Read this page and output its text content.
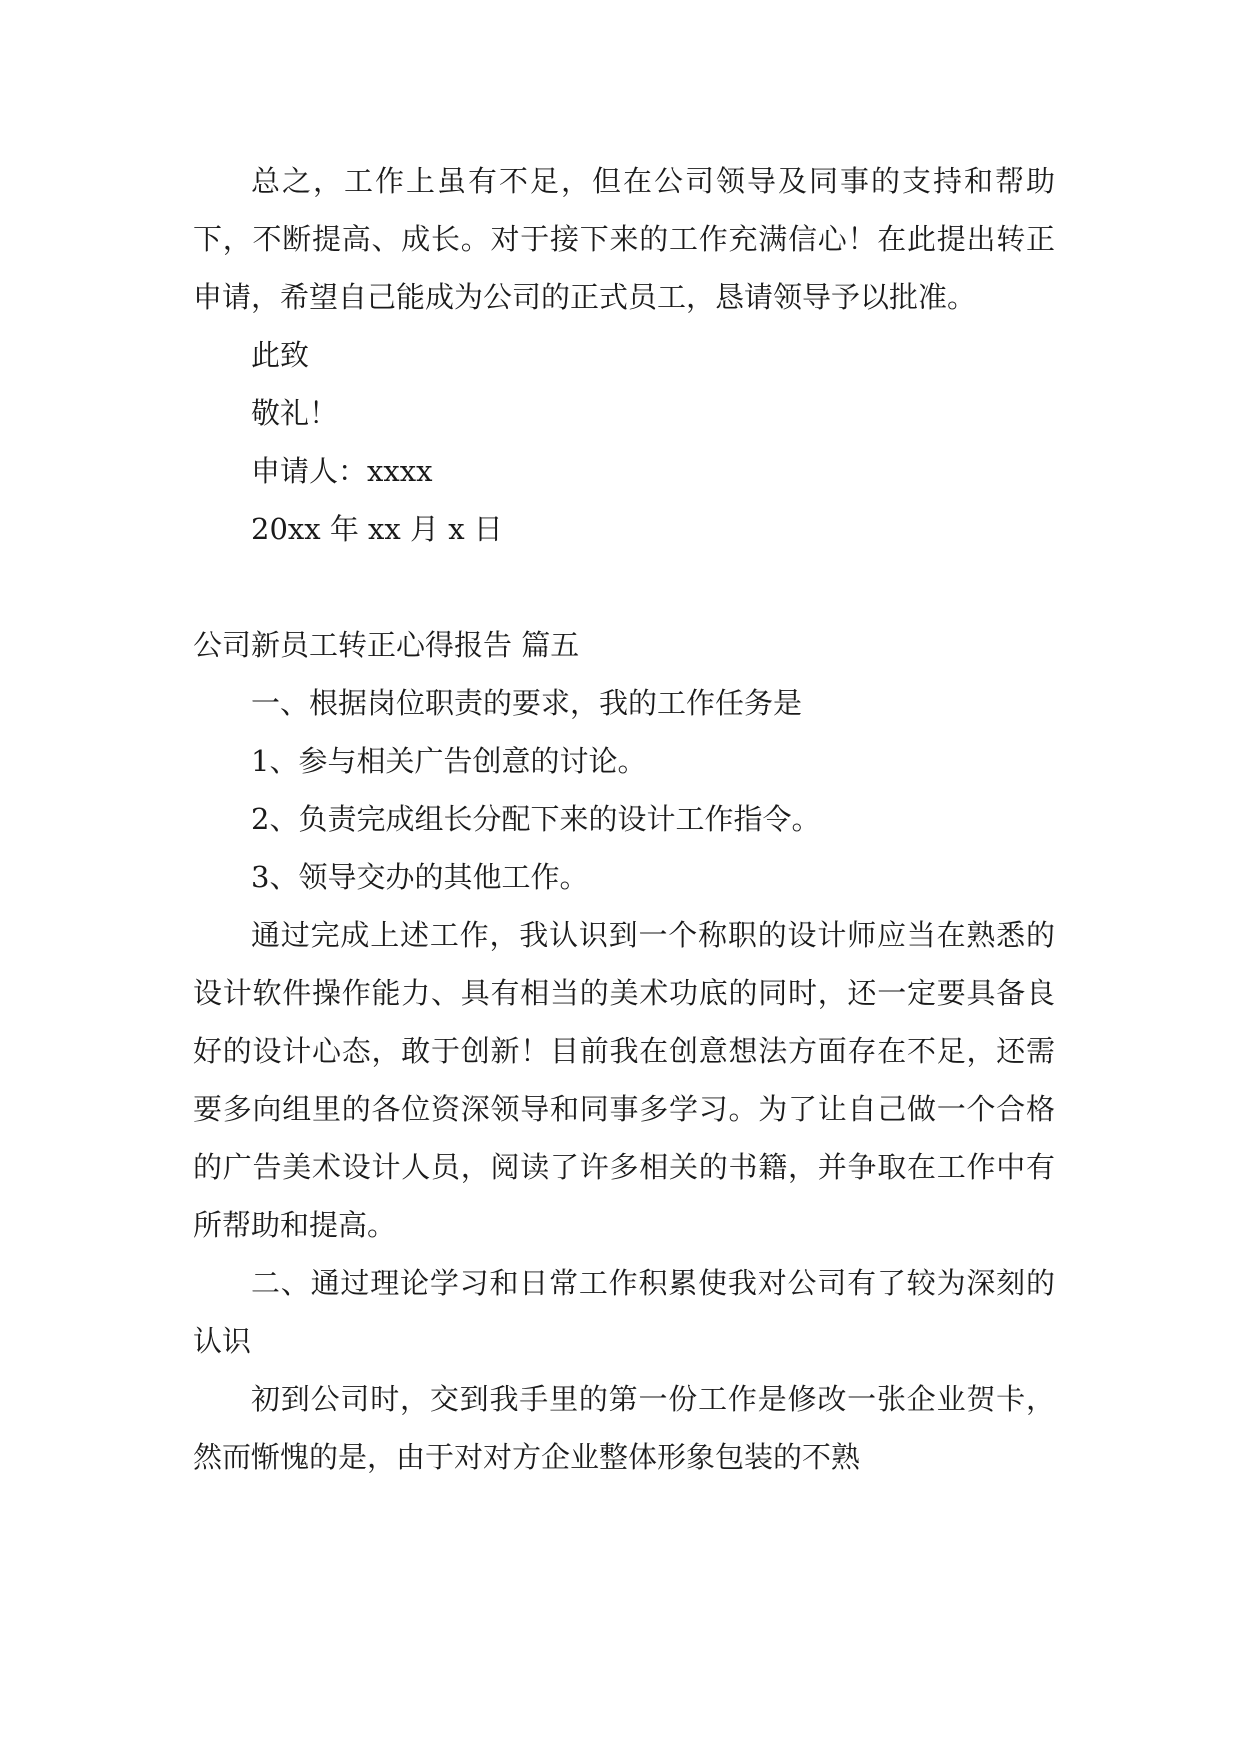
总之，工作上虽有不足，但在公司领导及同事的支持和帮助下，不断提高、成长。对于接下来的工作充满信心！在此提出转正申请，希望自己能成为公司的正式员工，恳请领导予以批准。

此致

敬礼！

申请人：xxxx

20xx 年 xx 月 x 日

公司新员工转正心得报告 篇五

一、根据岗位职责的要求，我的工作任务是

1、参与相关广告创意的讨论。

2、负责完成组长分配下来的设计工作指令。

3、领导交办的其他工作。

通过完成上述工作，我认识到一个称职的设计师应当在熟悉的设计软件操作能力、具有相当的美术功底的同时，还一定要具备良好的设计心态，敢于创新！目前我在创意想法方面存在不足，还需要多向组里的各位资深领导和同事多学习。为了让自己做一个合格的广告美术设计人员，阅读了许多相关的书籍，并争取在工作中有所帮助和提高。

二、通过理论学习和日常工作积累使我对公司有了较为深刻的认识

初到公司时，交到我手里的第一份工作是修改一张企业贺卡，然而惭愧的是，由于对对方企业整体形象包装的不熟
